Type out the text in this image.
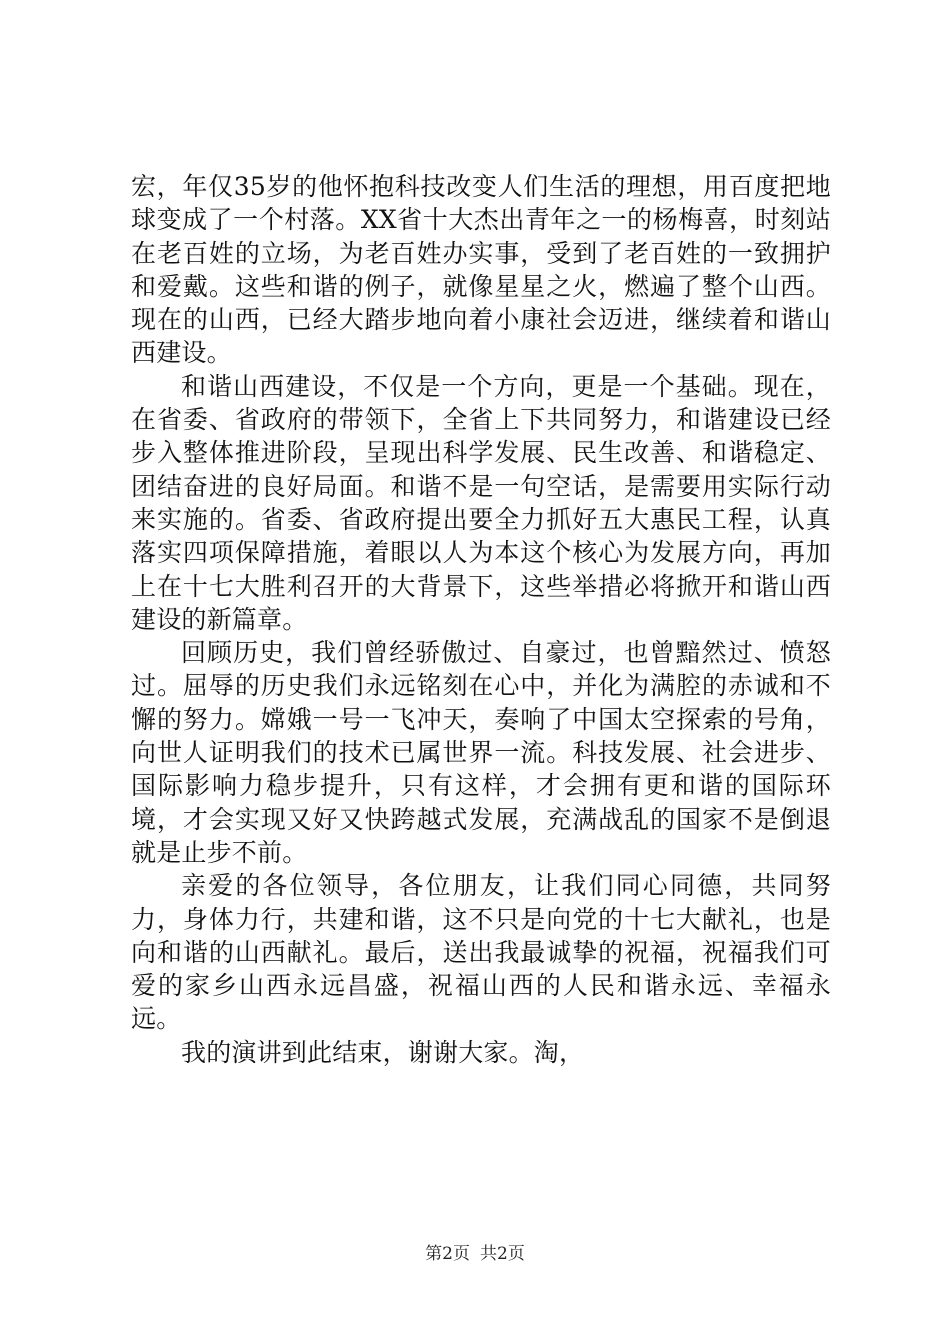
宏，年仅35岁的他怀抱科技改变人们生活的理想，用百度把地球变成了一个村落。XX省十大杰出青年之一的杨梅喜，时刻站在老百姓的立场，为老百姓办实事，受到了老百姓的一致拥护和爱戴。这些和谐的例子，就像星星之火，燃遍了整个山西。现在的山西，已经大踏步地向着小康社会迈进，继续着和谐山西建设。

和谐山西建设，不仅是一个方向，更是一个基础。现在，在省委、省政府的带领下，全省上下共同努力，和谐建设已经步入整体推进阶段，呈现出科学发展、民生改善、和谐稳定、团结奋进的良好局面。和谐不是一句空话，是需要用实际行动来实施的。省委、省政府提出要全力抓好五大惠民工程，认真落实四项保障措施，着眼以人为本这个核心为发展方向，再加上在十七大胜利召开的大背景下，这些举措必将掀开和谐山西建设的新篇章。

回顾历史，我们曾经骄傲过、自豪过，也曾黯然过、愤怒过。屈辱的历史我们永远铭刻在心中，并化为满腔的赤诚和不懈的努力。嫦娥一号一飞冲天，奏响了中国太空探索的号角，向世人证明我们的技术已属世界一流。科技发展、社会进步、国际影响力稳步提升，只有这样，才会拥有更和谐的国际环境，才会实现又好又快跨越式发展，充满战乱的国家不是倒退就是止步不前。

亲爱的各位领导，各位朋友，让我们同心同德，共同努力，身体力行，共建和谐，这不只是向党的十七大献礼，也是向和谐的山西献礼。最后，送出我最诚挚的祝福，祝福我们可爱的家乡山西永远昌盛，祝福山西的人民和谐永远、幸福永远。

我的演讲到此结束，谢谢大家。淘，

第2页 共2页
